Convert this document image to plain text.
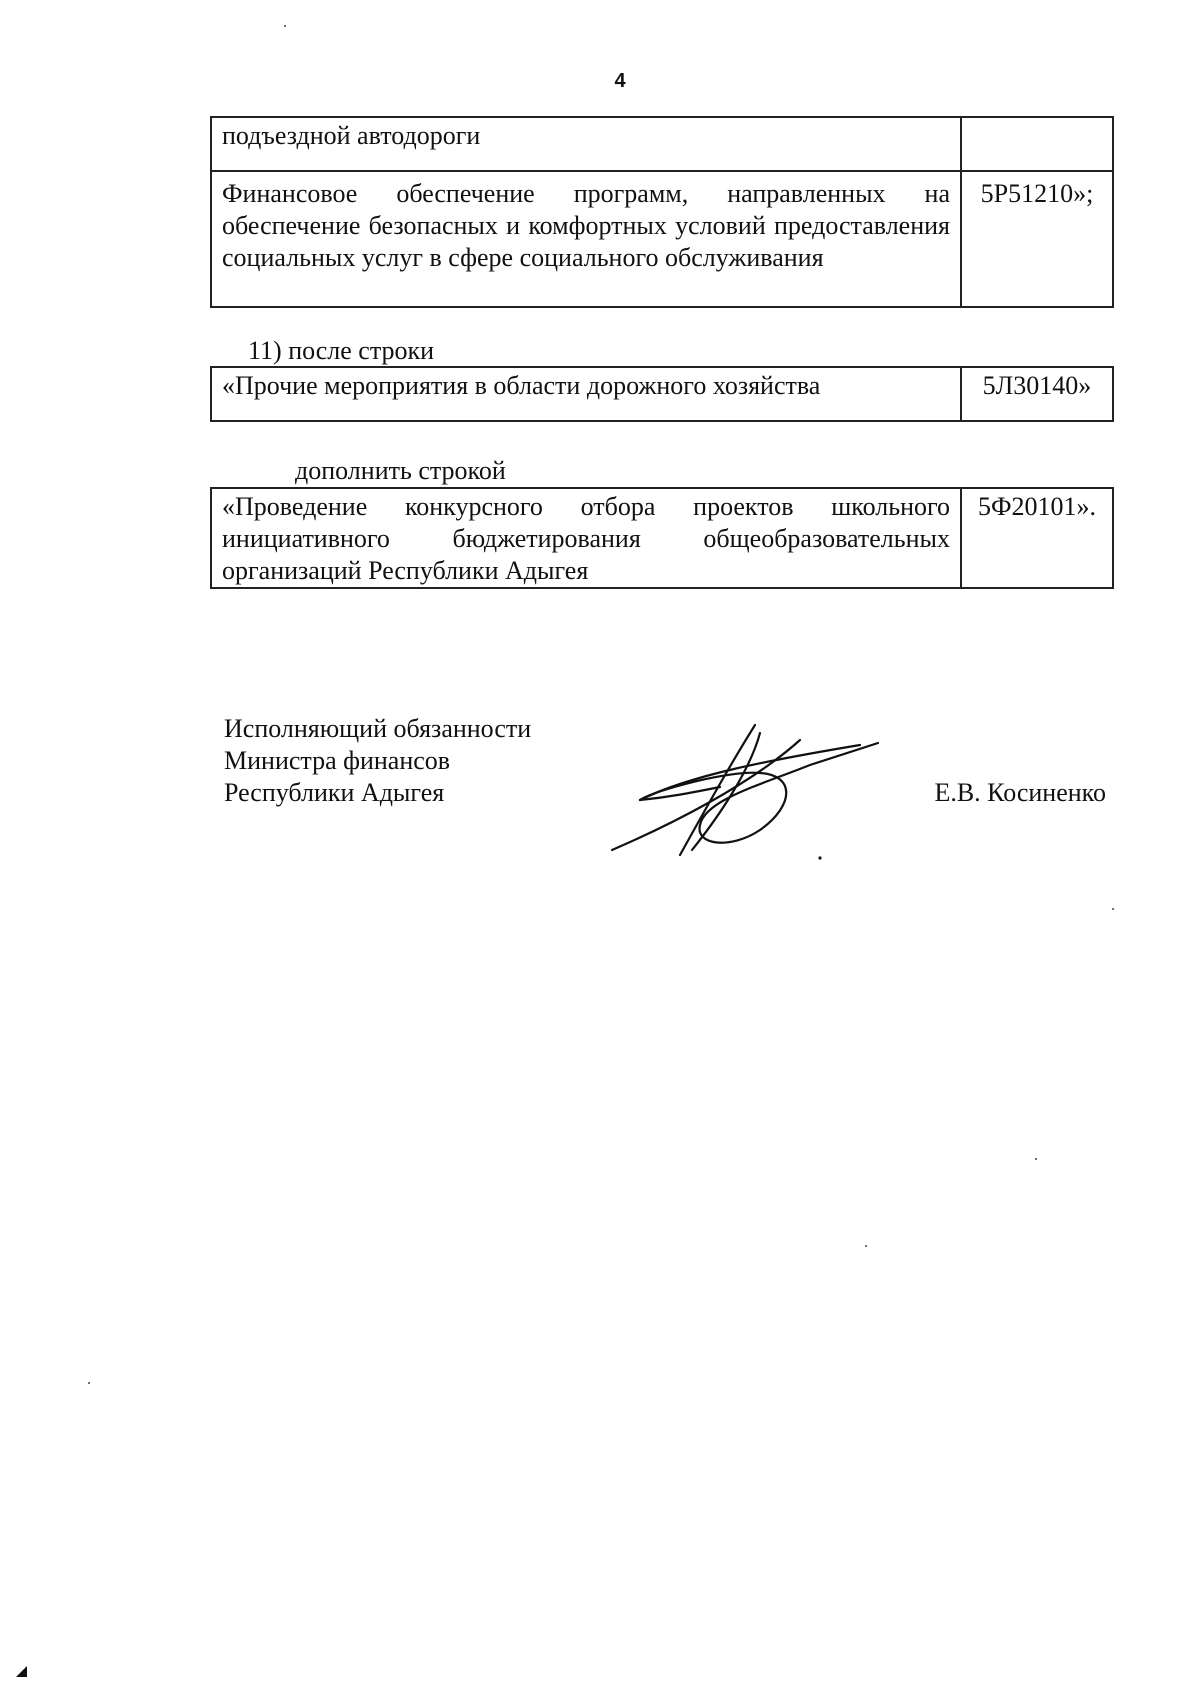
4
подъездной автодороги	
Финансовое обеспечение программ, направленных на обеспечение безопасных и комфортных условий предоставления социальных услуг в сфере социального обслуживания	5Р51210»;
11) после строки
«Прочие мероприятия в области дорожного хозяйства	5Л30140»
дополнить строкой
«Проведение конкурсного отбора проектов школьного инициативного бюджетирования общеобразовательных организаций Республики Адыгея	5Ф20101».
Исполняющий обязанности
Министра финансов
Республики Адыгея	Е.В. Косиненко
